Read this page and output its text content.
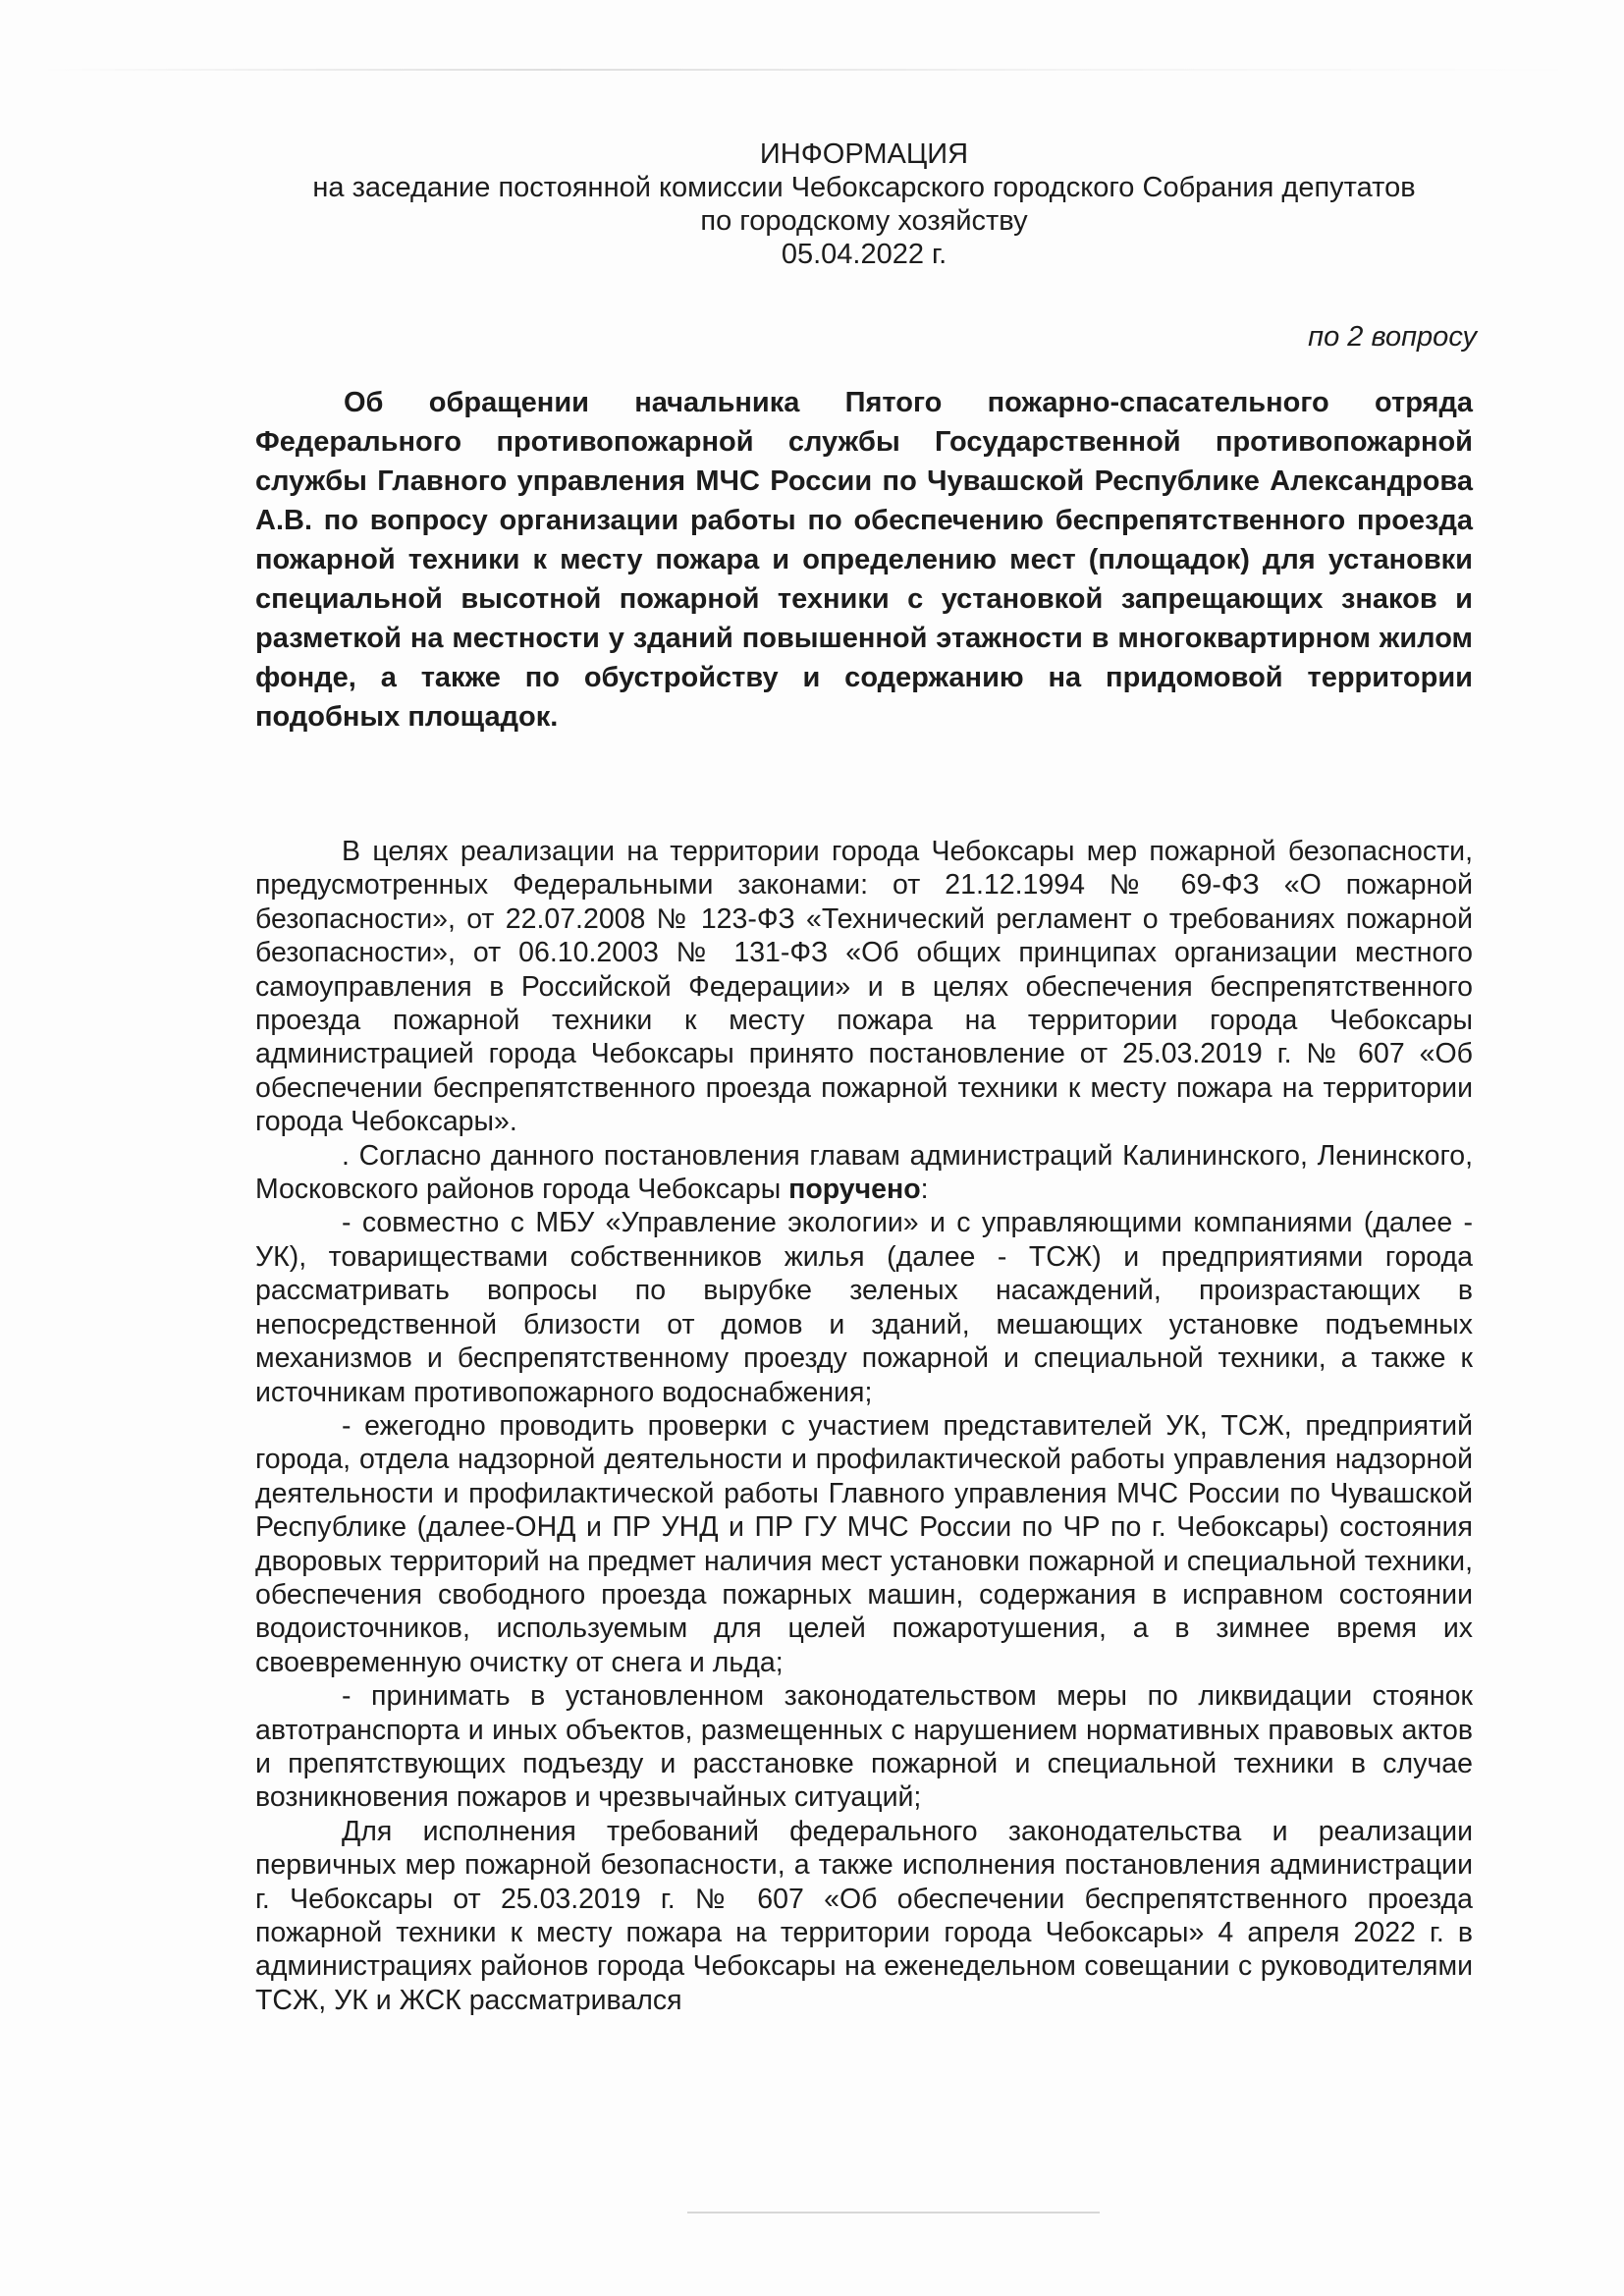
ИНФОРМАЦИЯ
на заседание постоянной комиссии Чебоксарского городского Собрания депутатов
по городскому хозяйству
05.04.2022 г.
по 2 вопросу

Об обращении начальника Пятого пожарно-спасательного отряда Федерального противопожарной службы Государственной противопожарной службы Главного управления МЧС России по Чувашской Республике Александрова А.В. по вопросу организации работы по обеспечению беспрепятственного проезда пожарной техники к месту пожара и определению мест (площадок) для установки специальной высотной пожарной техники с установкой запрещающих знаков и разметкой на местности у зданий повышенной этажности в многоквартирном жилом фонде, а также по обустройству и содержанию на придомовой территории подобных площадок.

В целях реализации на территории города Чебоксары мер пожарной безопасности, предусмотренных Федеральными законами: от 21.12.1994 № 69-ФЗ «О пожарной безопасности», от 22.07.2008 № 123-ФЗ «Технический регламент о требованиях пожарной безопасности», от 06.10.2003 № 131-ФЗ «Об общих принципах организации местного самоуправления в Российской Федерации» и в целях обеспечения беспрепятственного проезда пожарной техники к месту пожара на территории города Чебоксары администрацией города Чебоксары принято постановление от 25.03.2019 г. № 607 «Об обеспечении беспрепятственного проезда пожарной техники к месту пожара на территории города Чебоксары».

. Согласно данного постановления главам администраций Калининского, Ленинского, Московского районов города Чебоксары поручено:

- совместно с МБУ «Управление экологии» и с управляющими компаниями (далее - УК), товариществами собственников жилья (далее - ТСЖ) и предприятиями города рассматривать вопросы по вырубке зеленых насаждений, произрастающих в непосредственной близости от домов и зданий, мешающих установке подъемных механизмов и беспрепятственному проезду пожарной и специальной техники, а также к источникам противопожарного водоснабжения;

- ежегодно проводить проверки с участием представителей УК, ТСЖ, предприятий города, отдела надзорной деятельности и профилактической работы управления надзорной деятельности и профилактической работы Главного управления МЧС России по Чувашской Республике (далее-ОНД и ПР УНД и ПР ГУ МЧС России по ЧР по г. Чебоксары) состояния дворовых территорий на предмет наличия мест установки пожарной и специальной техники, обеспечения свободного проезда пожарных машин, содержания в исправном состоянии водоисточников, используемым для целей пожаротушения, а в зимнее время их своевременную очистку от снега и льда;

- принимать в установленном законодательством меры по ликвидации стоянок автотранспорта и иных объектов, размещенных с нарушением нормативных правовых актов и препятствующих подъезду и расстановке пожарной и специальной техники в случае возникновения пожаров и чрезвычайных ситуаций;

Для исполнения требований федерального законодательства и реализации первичных мер пожарной безопасности, а также исполнения постановления администрации г. Чебоксары от 25.03.2019 г. № 607 «Об обеспечении беспрепятственного проезда пожарной техники к месту пожара на территории города Чебоксары» 4 апреля 2022 г. в администрациях районов города Чебоксары на еженедельном совещании с руководителями ТСЖ, УК и ЖСК рассматривался
